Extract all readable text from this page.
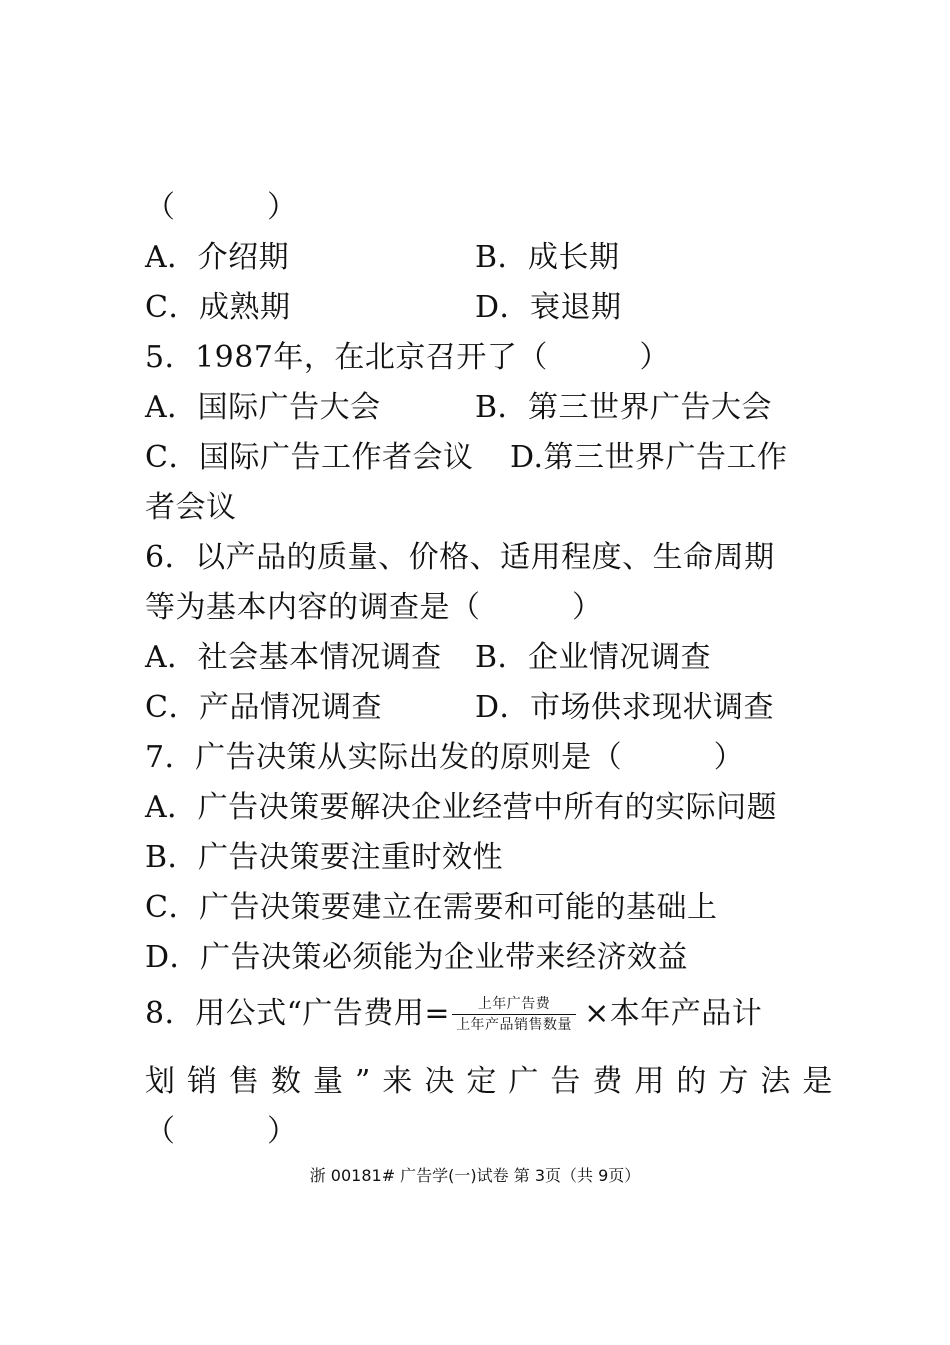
（　　　）
A．介绍期	B．成长期
C．成熟期	D．衰退期
5．1987年，在北京召开了（　　　）
A．国际广告大会	B．第三世界广告大会
C．国际广告工作者会议 D.第三世界广告工作
者会议
6．以产品的质量、价格、适用程度、生命周期
等为基本内容的调查是（　　　）
A．社会基本情况调查 B．企业情况调查
C．产品情况调查	D．市场供求现状调查
7．广告决策从实际出发的原则是（　　　）
A．广告决策要解决企业经营中所有的实际问题
B．广告决策要注重时效性
C．广告决策要建立在需要和可能的基础上
D．广告决策必须能为企业带来经济效益
8．用公式“广告费用= $\frac{\text{上年广告费}}{\text{上年产品销售数量}}$ ×本年产品计
划销售数量”来决定广告费用的方法是
（　　　）
浙 00181# 广告学(一)试卷 第 3页（共 9页）
